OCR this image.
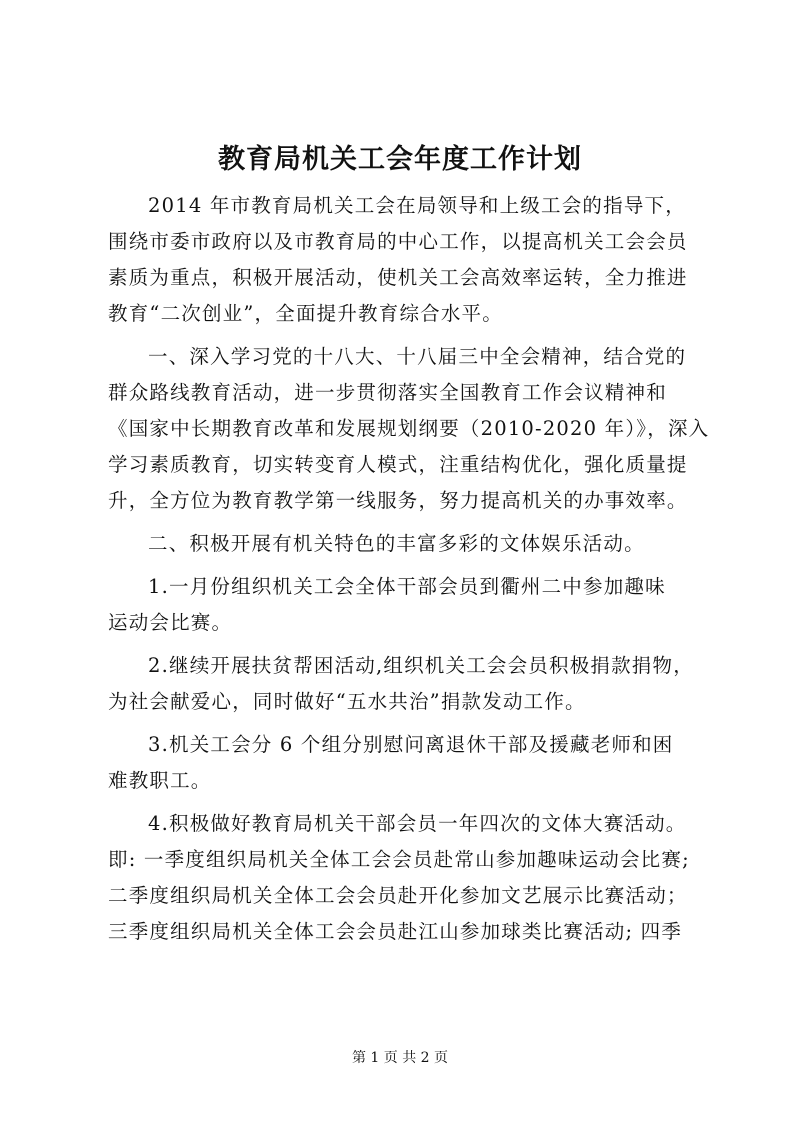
教育局机关工会年度工作计划
2014 年市教育局机关工会在局领导和上级工会的指导下，
围绕市委市政府以及市教育局的中心工作，以提高机关工会会员
素质为重点，积极开展活动，使机关工会高效率运转，全力推进
教育“二次创业”，全面提升教育综合水平。
一、深入学习党的十八大、十八届三中全会精神，结合党的
群众路线教育活动，进一步贯彻落实全国教育工作会议精神和
《国家中长期教育改革和发展规划纲要（2010-2020 年）》，深入
学习素质教育，切实转变育人模式，注重结构优化，强化质量提
升，全方位为教育教学第一线服务，努力提高机关的办事效率。
二、积极开展有机关特色的丰富多彩的文体娱乐活动。
1.一月份组织机关工会全体干部会员到衢州二中参加趣味
运动会比赛。
2.继续开展扶贫帮困活动,组织机关工会会员积极捐款捐物，
为社会献爱心，同时做好“五水共治”捐款发动工作。
3.机关工会分 6 个组分别慰问离退休干部及援藏老师和困
难教职工。
4.积极做好教育局机关干部会员一年四次的文体大赛活动。
即: 一季度组织局机关全体工会会员赴常山参加趣味运动会比赛;
二季度组织局机关全体工会会员赴开化参加文艺展示比赛活动；
三季度组织局机关全体工会会员赴江山参加球类比赛活动; 四季
第 1 页 共 2 页
